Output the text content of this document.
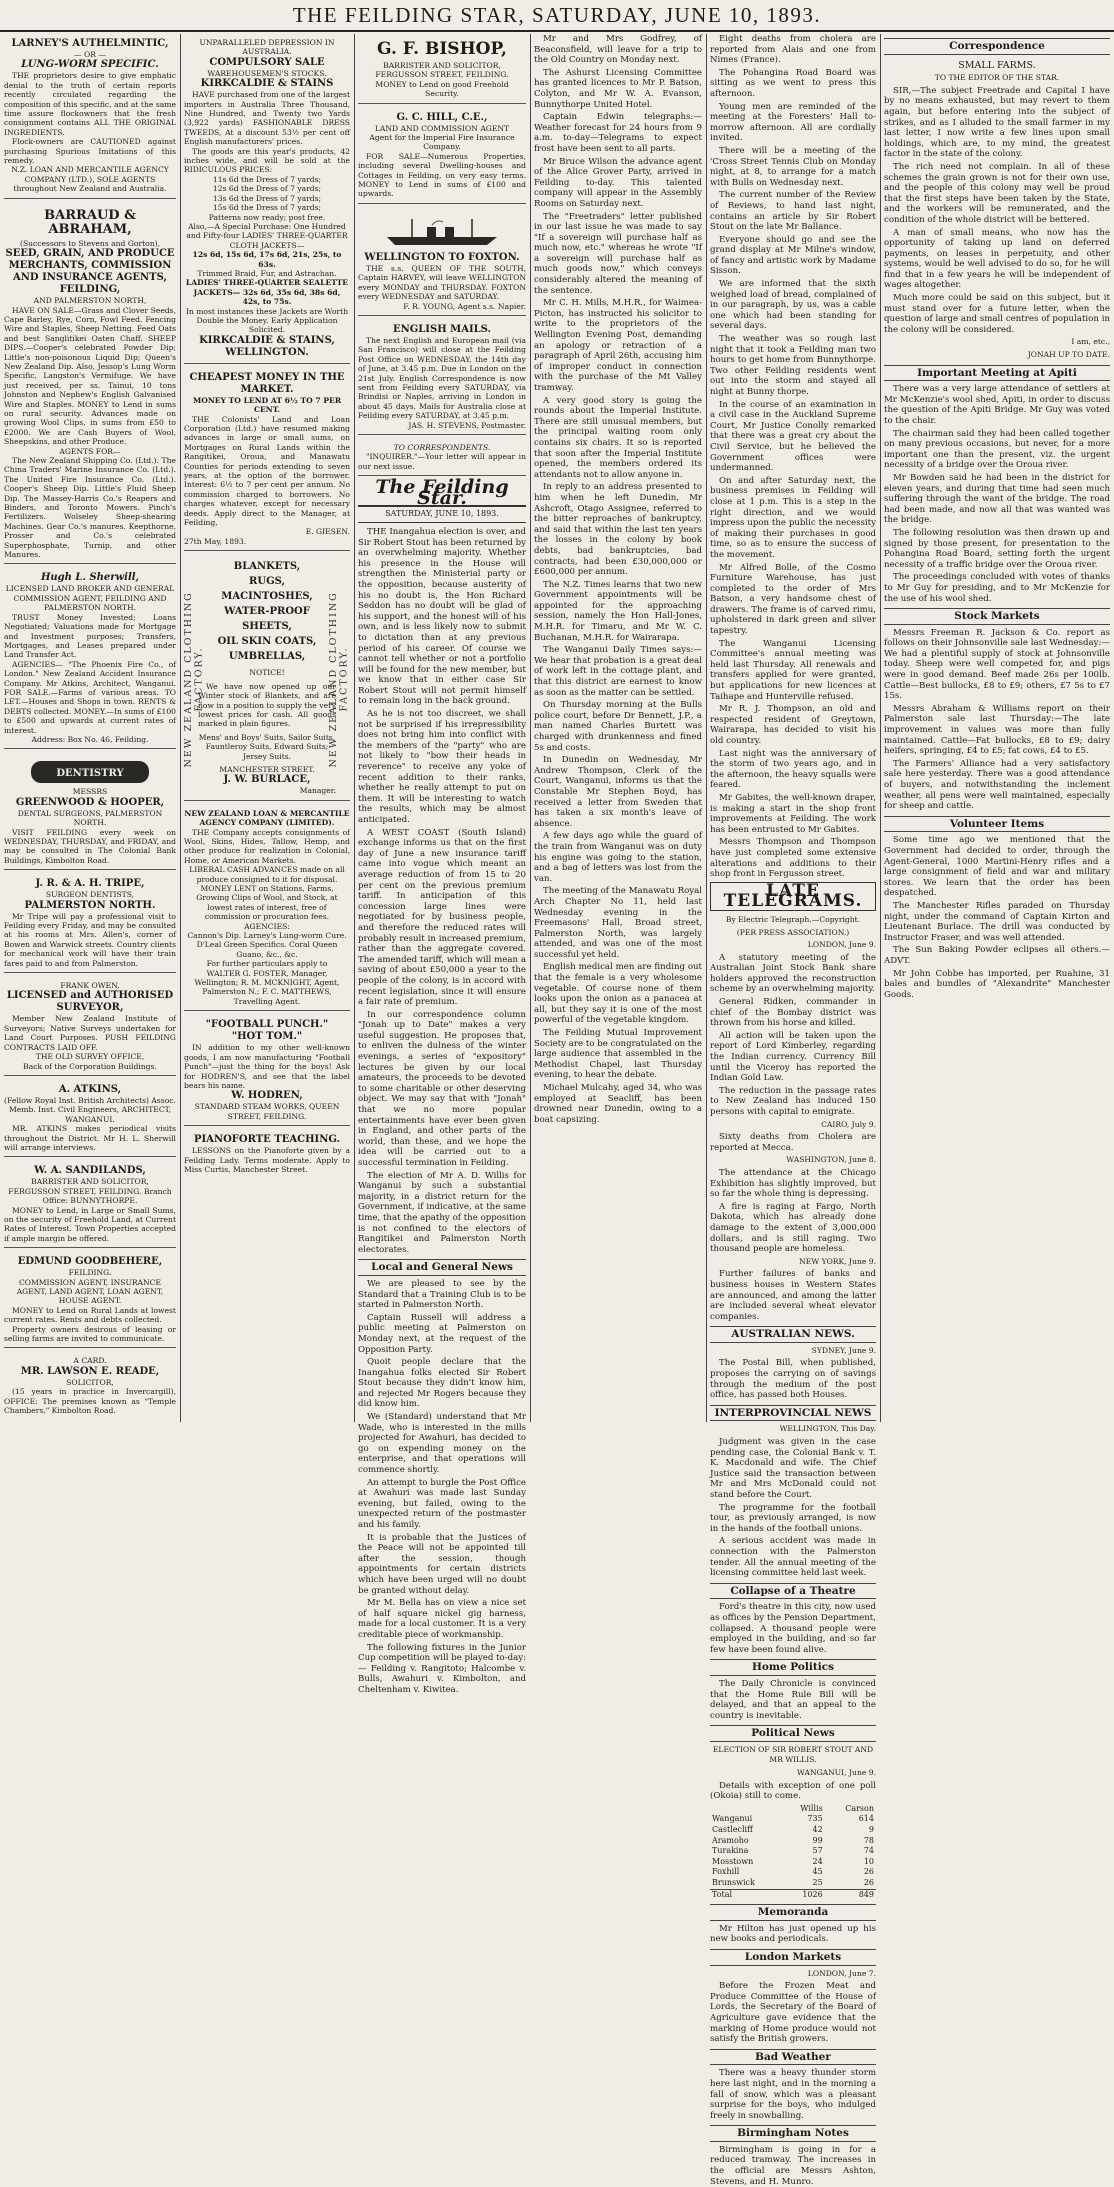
THE FEILDING STAR, SATURDAY, JUNE 10, 1893.
LARNEY'S AUTHELMINTIC,
— OR —
LUNG-WORM SPECIFIC.
THE proprietors desire to give emphatic denial to the truth of certain reports recently circulated regarding the composition of this specific, and at the same time assure flockowners that the fresh consignment contains ALL THE ORIGINAL INGREDIENTS.
Flock-owners are CAUTIONED against purchasing Spurious Imitations of this remedy.
N.Z. LOAN AND MERCANTILE AGENCY COMPANY (LTD.), SOLE AGENTS throughout New Zealand and Australia.
BARRAUD & ABRAHAM,
(Successors to Stevens and Gorton),
SEED, GRAIN, AND PRODUCE MERCHANTS, COMMISSION AND INSURANCE AGENTS,
FEILDING,
AND PALMERSTON NORTH,
HAVE ON SALE—Grass and Clover Seeds, Cape Barley, Rye, Corn, Fowl Feed. Fencing Wire and Staples, Sheep Netting. Feed Oats and best Sanglitikei Oaten Chaff. SHEEP DIPS.—Cooper's celebrated Powder Dip; Little's non-poisonous Liquid Dip; Queen's New Zealand Dip. Also, Jessop's Lung Worm Specific, Langston's Vermifuge. We have just received, per ss. Tainui, 10 tons Johnston and Nephew's English Galvanised Wire and Staples. MONEY to Lend in sums on rural security. Advances made on growing Wool Clips, in sums from £50 to £2000. We are Cash Buyers of Wool, Sheepskins, and other Produce.
AGENTS FOR—
The New Zealand Shipping Co. (Ltd.). The China Traders' Marine Insurance Co. (Ltd.). The United Fire Insurance Co. (Ltd.). Cooper's Sheep Dip. Little's Fluid Sheep Dip. The Massey-Harris Co.'s Reapers and Binders, and Toronto Mowers. Pinch's Fertilizers. Wolseley Sheep-shearing Machines. Gear Co.'s manures. Keepthorne, Prosser and Co.'s celebrated Superphosphate, Turnip, and other Manures.
Hugh L. Sherwill,
LICENSED LAND BROKER AND GENERAL COMMISSION AGENT, FEILDING AND PALMERSTON NORTH.
TRUST Money Invested; Loans Negotiated; Valuations made for Mortgage and Investment purposes; Transfers, Mortgages, and Leases prepared under Land Transfer Act.
AGENCIES— "The Phoenix Fire Co., of London." New Zealand Accident Insurance Company. Mr Atkins, Architect, Wanganui. FOR SALE.—Farms of various areas. TO LET.—Houses and Shops in town. RENTS & DEBTS collected. MONEY.—In sums of £100 to £500 and upwards at current rates of interest.
Address: Box No. 46, Feilding.
DENTISTRY
MESSRS
GREENWOOD & HOOPER,
DENTAL SURGEONS, PALMERSTON NORTH.
VISIT FEILDING every week on WEDNESDAY, THURSDAY, and FRIDAY, and may be consulted in The Colonial Bank Buildings, Kimbolton Road.
J. R. & A. H. TRIPE,
SURGEON DENTISTS,
PALMERSTON NORTH.
Mr Tripe will pay a professional visit to Feilding every Friday, and may be consulted at his rooms at Mrs. Allen's, corner of Bowen and Warwick streets. Country clients for mechanical work will have their train fares paid to and from Palmerston.
FRANK OWEN,
LICENSED and AUTHORISED SURVEYOR,
Member New Zealand Institute of Surveyors; Native Surveys undertaken for Land Court Purposes. PUSH FEILDING CONTRACTS LAID OFF.
THE OLD SURVEY OFFICE,
Back of the Corporation Buildings.
A. ATKINS,
(Fellow Royal Inst. British Architects) Assoc. Memb. Inst. Civil Engineers, ARCHITECT, WANGANUI.
MR. ATKINS makes periodical visits throughout the District. Mr H. L. Sherwill will arrange interviews.
W. A. SANDILANDS,
BARRISTER AND SOLICITOR,
FERGUSSON STREET, FEILDING. Branch Office: BUNNYTHORPE.
MONEY to Lend, in Large or Small Sums, on the security of Freehold Land, at Current Rates of Interest. Town Properties accepted if ample margin be offered.
EDMUND GOODBEHERE,
FEILDING.
COMMISSION AGENT, INSURANCE AGENT, LAND AGENT, LOAN AGENT, HOUSE AGENT.
MONEY to Lend on Rural Lands at lowest current rates. Rents and debts collected.
Property owners desirous of leasing or selling farms are invited to communicate.
A CARD.
MR. LAWSON E. READE,
SOLICITOR,
(15 years in practice in Invercargill), OFFICE: The premises known as "Temple Chambers," Kimbolton Road.
UNPARALLELED DEPRESSION IN AUSTRALIA.
COMPULSORY SALE
WAREHOUSEMEN'S STOCKS.
KIRKCALDIE & STAINS
HAVE purchased from one of the largest importers in Australia Three Thousand, Nine Hundred, and Twenty two Yards (3,922 yards) FASHIONABLE DRESS TWEEDS, At a discount 53½ per cent off English manufacturers' prices.
The goods are this year's products, 42 inches wide, and will be sold at the RIDICULOUS PRICES:
11s 6d the Dress of 7 yards;
12s 6d the Dress of 7 yards;
13s 6d the Dress of 7 yards;
15s 6d the Dress of 7 yards;
Patterns now ready; post free.
Also,—A Special Purchase: One Hundred and Fifty-four LADIES' THREE-QUARTER CLOTH JACKETS—
12s 6d, 15s 6d, 17s 6d, 21s, 25s, to 63s.
Trimmed Braid, Fur, and Astrachan.
LADIES' THREE-QUARTER SEALETTE JACKETS— 32s 6d, 35s 6d, 38s 6d, 42s, to 75s.
In most instances these Jackets are Worth Double the Money. Early Application Solicited.
KIRKCALDIE & STAINS, WELLINGTON.
CHEAPEST MONEY IN THE MARKET.
MONEY TO LEND AT 6½ TO 7 PER CENT.
THE Colonists' Land and Loan Corporation (Ltd.) have resumed making advances in large or small sums, on Mortgages on Rural Lands within the Rangitikei, Oroua, and Manawatu Counties for periods extending to seven years, at the option of the borrower. Interest: 6½ to 7 per cent per annum. No commission charged to borrowers. No charges whatever, except for necessary deeds. Apply direct to the Manager, at Feilding,
E. GIESEN.
27th May, 1893.
NEW ZEALAND CLOTHING FACTORY.	NEW ZEALAND CLOTHING FACTORY.
BLANKETS,
RUGS,
MACINTOSHES,
WATER-PROOF SHEETS,
OIL SKIN COATS,
UMBRELLAS,
NOTICE!
We have now opened up our Winter stock of Blankets, and are now in a position to supply the very lowest prices for cash. All goods marked in plain figures.
Mens' and Boys' Suits, Sailor Suits, Fauntleroy Suits, Edward Suits; Jersey Suits.
MANCHESTER STREET.
J. W. BURLACE,
Manager.
NEW ZEALAND LOAN & MERCANTILE AGENCY COMPANY (LIMITED).
THE Company accepts consignments of Wool, Skins, Hides, Tallow, Hemp, and other produce for realization in Colonial, Home, or American Markets.
LIBERAL CASH ADVANCES made on all produce consigned to it for disposal.
MONEY LENT on Stations, Farms, Growing Clips of Wool, and Stock, at lowest rates of interest, free of commission or procuration fees.
AGENCIES:
Cannon's Dip. Larney's Lung-worm Cure. D'Leal Green Specifics. Coral Queen Guano, &c., &c.
For further particulars apply to
WALTER G. FOSTER, Manager, Wellington; R. M. MCKNIGHT, Agent, Palmerston N.; F. C. MATTHEWS, Travelling Agent.
"FOOTBALL PUNCH."
"HOT TOM."
IN addition to my other well-known goods, I am now manufacturing "Football Punch"—just the thing for the boys! Ask for HODREN'S, and see that the label bears his name.
W. HODREN,
STANDARD STEAM WORKS, QUEEN STREET, FEILDING.
PIANOFORTE TEACHING.
LESSONS on the Pianoforte given by a Feilding Lady. Terms moderate. Apply to Miss Curtis, Manchester Street.
G. F. BISHOP,
BARRISTER AND SOLICITOR,
FERGUSSON STREET, FEILDING.
MONEY to Lend on good Freehold Security.
G. C. HILL, C.E.,
LAND AND COMMISSION AGENT
Agent for the Imperial Fire Insurance Company.
FOR SALE—Numerous Properties, including several Dwelling-houses and Cottages in Feilding, on very easy terms. MONEY to Lend in sums of £100 and upwards.
WELLINGTON TO FOXTON.
THE s.s. QUEEN OF THE SOUTH, Captain HARVEY, will leave WELLINGTON every MONDAY and THURSDAY. FOXTON every WEDNESDAY and SATURDAY.
F. R. YOUNG, Agent s.s. Napier.
ENGLISH MAILS.
The next English and European mail (via San Francisco) will close at the Feilding Post Office on WEDNESDAY, the 14th day of June, at 3.45 p.m. Due in London on the 21st July. English Correspondence is now sent from Feilding every SATURDAY, via Brindisi or Naples, arriving in London in about 45 days. Mails for Australia close at Feilding every SATURDAY, at 3.45 p.m.
JAS. H. STEVENS, Postmaster.
TO CORRESPONDENTS.
"INQUIRER."—Your letter will appear in our next issue.
The Feilding Star.
SATURDAY, JUNE 10, 1893.

THE Inangahua election is over, and Sir Robert Stout has been returned by an overwhelming majority. Whether his presence in the House will strengthen the Ministerial party or the opposition, because austerity of his no doubt is, the Hon Richard Seddon has no doubt will be glad of his support, and the honest will of his own, and is less likely now to submit to dictation than at any previous period of his career. Of course we cannot tell whether or not a portfolio will be found for the new member, but we know that in either case Sir Robert Stout will not permit himself to remain long in the back ground.

As he is not too discreet, we shall not be surprised if his irrepressibility does not bring him into conflict with the members of the "party" who are not likely to "bow their heads in reverence" to receive any yoke of recent addition to their ranks, whether he really attempt to put on them. It will be interesting to watch the results, which may be almost anticipated.

A WEST COAST (South Island) exchange informs us that on the first day of June a new insurance tariff came into vogue which meant an average reduction of from 15 to 20 per cent on the previous premium tariff. In anticipation of this concession large lines were negotiated for by business people, and therefore the reduced rates will probably result in increased premium, rather than the aggregate covered. The amended tariff, which will mean a saving of about £50,000 a year to the people of the colony, is in accord with recent legislation, since it will ensure a fair rate of premium.

In our correspondence column "Jonah up to Date" makes a very useful suggestion. He proposes that, to enliven the dulness of the winter evenings, a series of "expository" lectures be given by our local amateurs, the proceeds to be devoted to some charitable or other deserving object. We may say that with "Jonah" that we no more popular entertainments have ever been given in England, and other parts of the world, than these, and we hope the idea will be carried out to a successful termination in Feilding.

The election of Mr A. D. Willis for Wanganui by such a substantial majority, in a district return for the Government, if indicative, at the same time, that the apathy of the opposition is not confined to the electors of Rangitikei and Palmerston North electorates.

Local and General News

We are pleased to see by the Standard that a Training Club is to be started in Palmerston North.

Captain Russell will address a public meeting at Palmerston on Monday next, at the request of the Opposition Party.

Quoit people declare that the Inangahua folks elected Sir Robert Stout because they didn't know him, and rejected Mr Rogers because they did know him.

We (Standard) understand that Mr Wade, who is interested in the mills projected for Awahuri, has decided to go on expending money on the enterprise, and that operations will commence shortly.

An attempt to burgle the Post Office at Awahuri was made last Sunday evening, but failed, owing to the unexpected return of the postmaster and his family.

It is probable that the Justices of the Peace will not be appointed till after the session, though appointments for certain districts which have been urged will no doubt be granted without delay.

Mr M. Bella has on view a nice set of half square nickel gig harness, made for a local customer. It is a very creditable piece of workmanship.

The following fixtures in the Junior Cup competition will be played to-day:— Feilding v. Rangitoto; Halcombe v. Bulls, Awahuri v. Kimbolton, and Cheltenham v. Kiwitea.

Mr and Mrs Godfrey, of Beaconsfield, will leave for a trip to the Old Country on Monday next.

The Ashurst Licensing Committee has granted licences to Mr P. Batson, Colyton, and Mr W. A. Evanson, Bunnythorpe United Hotel.

Captain Edwin telegraphs:—Weather forecast for 24 hours from 9 a.m. to-day—Telegrams to expect frost have been sent to all parts.

Mr Bruce Wilson the advance agent of the Alice Grover Party, arrived in Feilding to-day. This talented company will appear in the Assembly Rooms on Saturday next.

The "Freetraders" letter published in our last issue he was made to say "If a sovereign will purchase half as much now, etc." whereas he wrote "If a sovereign will purchase half as much goods now," which conveys considerably altered the meaning of the sentence.

Mr C. H. Mills, M.H.R., for Waimea-Picton, has instructed his solicitor to write to the proprietors of the Wellington Evening Post, demanding an apology or retraction of a paragraph of April 26th, accusing him of improper conduct in connection with the purchase of the Mt Valley tramway.

A very good story is going the rounds about the Imperial Institute. There are still unusual members, but the principal waiting room only contains six chairs. It so is reported that soon after the Imperial Institute opened, the members ordered its attendants not to allow anyone in.

In reply to an address presented to him when he left Dunedin, Mr Ashcroft, Otago Assignee, referred to the bitter reproaches of bankruptcy, and said that within the last ten years the losses in the colony by book debts, bad bankruptcies, bad contracts, had been £30,000,000 or £600,000 per annum.

The N.Z. Times learns that two new Government appointments will be appointed for the approaching session, namely the Hon Hall-Jones, M.H.R. for Timaru, and Mr W. C. Buchanan, M.H.R. for Wairarapa.

The Wanganui Daily Times says:—We hear that probation is a great deal of work left in the cottage plant, and that this district are earnest to know as soon as the matter can be settled.

On Thursday morning at the Bulls police court, before Dr Bennett, J.P., a man named Charles Burtett was charged with drunkenness and fined 5s and costs.

In Dunedin on Wednesday, Mr Andrew Thompson, Clerk of the Court, Wanganui, informs us that the Constable Mr Stephen Boyd, has received a letter from Sweden that has taken a six month's leave of absence.

A few days ago while the guard of the train from Wanganui was on duty his engine was going to the station, and a bag of letters was lost from the van.

The meeting of the Manawatu Royal Arch Chapter No 11, held last Wednesday evening in the Freemasons' Hall, Broad street, Palmerston North, was largely attended, and was one of the most successful yet held.

English medical men are finding out that the female is a very wholesome vegetable. Of course none of them looks upon the onion as a panacea at all, but they say it is one of the most powerful of the vegetable kingdom.

The Feilding Mutual Improvement Society are to be congratulated on the large audience that assembled in the Methodist Chapel, last Thursday evening, to hear the debate.

Michael Mulcahy, aged 34, who was employed at Seacliff, has been drowned near Dunedin, owing to a boat capsizing.

Eight deaths from cholera are reported from Alais and one from Nimes (France).

The Pohangina Road Board was sitting as we went to press this afternoon.

Young men are reminded of the meeting at the Foresters' Hall to-morrow afternoon. All are cordially invited.

There will be a meeting of the 'Cross Street Tennis Club on Monday night, at 8, to arrange for a match with Bulls on Wednesday next.

The current number of the Review of Reviews, to hand last night, contains an article by Sir Robert Stout on the late Mr Ballance.

Everyone should go and see the grand display at Mr Milne's window, of fancy and artistic work by Madame Sisson.

We are informed that the sixth weighed load of bread, complained of in our paragraph, by us, was a cable one which had been standing for several days.

The weather was so rough last night that it took a Feilding man two hours to get home from Bunnythorpe. Two other Feilding residents went out into the storm and stayed all night at Bunny thorpe.

In the course of an examination in a civil case in the Auckland Supreme Court, Mr Justice Conolly remarked that there was a great cry about the Civil Service, but he believed the Government offices were undermanned.

On and after Saturday next, the business premises in Feilding will close at 1 p.m. This is a step in the right direction, and we would impress upon the public the necessity of making their purchases in good time, so as to ensure the success of the movement.

Mr Alfred Bolle, of the Cosmo Furniture Warehouse, has just completed to the order of Mrs Batson, a very handsome chest of drawers. The frame is of carved rimu, upholstered in dark green and silver tapestry.

The Wanganui Licensing Committee's annual meeting was held last Thursday. All renewals and transfers applied for were granted, but applications for new licences at Taihape and Hunterville refused.

Mr R. J. Thompson, an old and respected resident of Greytown, Wairarapa, has decided to visit his old country.

Last night was the anniversary of the storm of two years ago, and in the afternoon, the heavy squalls were feared.

Mr Gabites, the well-known draper, is making a start in the shop front improvements at Feilding. The work has been entrusted to Mr Gabites.

Messrs Thompson and Thompson have just completed some extensive alterations and additions to their shop front in Fergusson street.

LATE TELEGRAMS.
By Electric Telegraph.—Copyright.
(PER PRESS ASSOCIATION.)
LONDON, June 9.

A statutory meeting of the Australian Joint Stock Bank share holders approved the reconstruction scheme by an overwhelming majority.

General Ridken, commander in chief of the Bombay district was thrown from his horse and killed.

All action will be taken upon the report of Lord Kimberley, regarding the Indian currency. Currency Bill until the Viceroy has reported the Indian Gold Law.

The reduction in the passage rates to New Zealand has induced 150 persons with capital to emigrate.

CAIRO, July 9.

Sixty deaths from Cholera are reported at Mecca.

WASHINGTON, June 8.

The attendance at the Chicago Exhibition has slightly improved, but so far the whole thing is depressing.

A fire is raging at Fargo, North Dakota, which has already done damage to the extent of 3,000,000 dollars, and is still raging. Two thousand people are homeless.

NEW YORK, June 9.

Further failures of banks and business houses in Western States are announced, and among the latter are included several wheat elevator companies.

AUSTRALIAN NEWS.
SYDNEY, June 9.

The Postal Bill, when published, proposes the carrying on of savings through the medium of the post office, has passed both Houses.

INTERPROVINCIAL NEWS
WELLINGTON, This Day.

Judgment was given in the case pending case, the Colonial Bank v. T. K. Macdonald and wife. The Chief Justice said the transaction between Mr and Mrs McDonald could not stand before the Court.

The programme for the football tour, as previously arranged, is now in the hands of the football unions.

A serious accident was made in connection with the Palmerston tender. All the annual meeting of the licensing committee held last week.

Collapse of a Theatre

Ford's theatre in this city, now used as offices by the Pension Department, collapsed. A thousand people were employed in the building, and so far few have been found alive.

Home Politics

The Daily Chronicle is convinced that the Home Rule Bill will be delayed, and that an appeal to the country is inevitable.

Political News
ELECTION OF SIR ROBERT STOUT AND MR WILLIS.
WANGANUI, June 9.

Details with exception of one poll (Okoia) still to come.

	Willis	Carson
Wanganui	735	614
Castlecliff	42	9
Aramoho	99	78
Turakina	57	74
Mosstown	24	10
Foxhill	45	26
Brunswick	25	26
Total	1026	849
Memoranda

Mr Hilton has just opened up his new books and periodicals.

London Markets
LONDON, June 7.

Before the Frozen Meat and Produce Committee of the House of Lords, the Secretary of the Board of Agriculture gave evidence that the marking of Home produce would not satisfy the British growers.

Bad Weather

There was a heavy thunder storm here last night, and in the morning a fall of snow, which was a pleasant surprise for the boys, who indulged freely in snowballing.

Birmingham Notes

Birmingham is going in for a reduced tramway. The increases in the official are Messrs Ashton, Stevens, and H. Munro.

Correspondence
SMALL FARMS.
TO THE EDITOR OF THE STAR.

SIR,—The subject Freetrade and Capital I have by no means exhausted, but may revert to them again, but before entering into the subject of strikes, and as I alluded to the small farmer in my last letter, I now write a few lines upon small holdings, which are, to my mind, the greatest factor in the state of the colony.

The rich need not complain. In all of these schemes the grain grown is not for their own use, and the people of this colony may well be proud that the first steps have been taken by the State, and the workers will be remunerated, and the condition of the whole district will be bettered.

A man of small means, who now has the opportunity of taking up land on deferred payments, on leases in perpetuity, and other systems, would be well advised to do so, for he will find that in a few years he will be independent of wages altogether.

Much more could be said on this subject, but it must stand over for a future letter, when the question of large and small centres of population in the colony will be considered.

I am, etc.,
JONAH UP TO DATE.
Important Meeting at Apiti

There was a very large attendance of settlers at Mr McKenzie's wool shed, Apiti, in order to discuss the question of the Apiti Bridge. Mr Guy was voted to the chair.

The chairman said they had been called together on many previous occasions, but never, for a more important one than the present, viz. the urgent necessity of a bridge over the Oroua river.

Mr Bowden said he had been in the district for eleven years, and during that time had seen much suffering through the want of the bridge. The road had been made, and now all that was wanted was the bridge.

The following resolution was then drawn up and signed by those present, for presentation to the Pohangina Road Board, setting forth the urgent necessity of a traffic bridge over the Oroua river.

The proceedings concluded with votes of thanks to Mr Guy for presiding, and to Mr McKenzie for the use of his wool shed.

Stock Markets

Messrs Freeman R. Jackson & Co. report as follows on their Johnsonville sale last Wednesday:—We had a plentiful supply of stock at Johnsonville today. Sheep were well competed for, and pigs were in good demand. Beef made 26s per 100lb. Cattle—Best bullocks, £8 to £9; others, £7 5s to £7 15s.

Messrs Abraham & Williams report on their Palmerston sale last Thursday:—The late improvement in values was more than fully maintained. Cattle—Fat bullocks, £8 to £9; dairy heifers, springing, £4 to £5; fat cows, £4 to £5.

The Farmers' Alliance had a very satisfactory sale here yesterday. There was a good attendance of buyers, and notwithstanding the inclement weather, all pens were well maintained, especially for sheep and cattle.

Volunteer Items

Some time ago we mentioned that the Government had decided to order, through the Agent-General, 1000 Martini-Henry rifles and a large consignment of field and war and military stores. We learn that the order has been despatched.

The Manchester Rifles paraded on Thursday night, under the command of Captain Kirton and Lieutenant Burlace. The drill was conducted by Instructor Fraser, and was well attended.

The Sun Baking Powder eclipses all others.—ADVT.

Mr John Cobbe has imported, per Ruahine, 31 bales and bundles of "Alexandrite" Manchester Goods.
